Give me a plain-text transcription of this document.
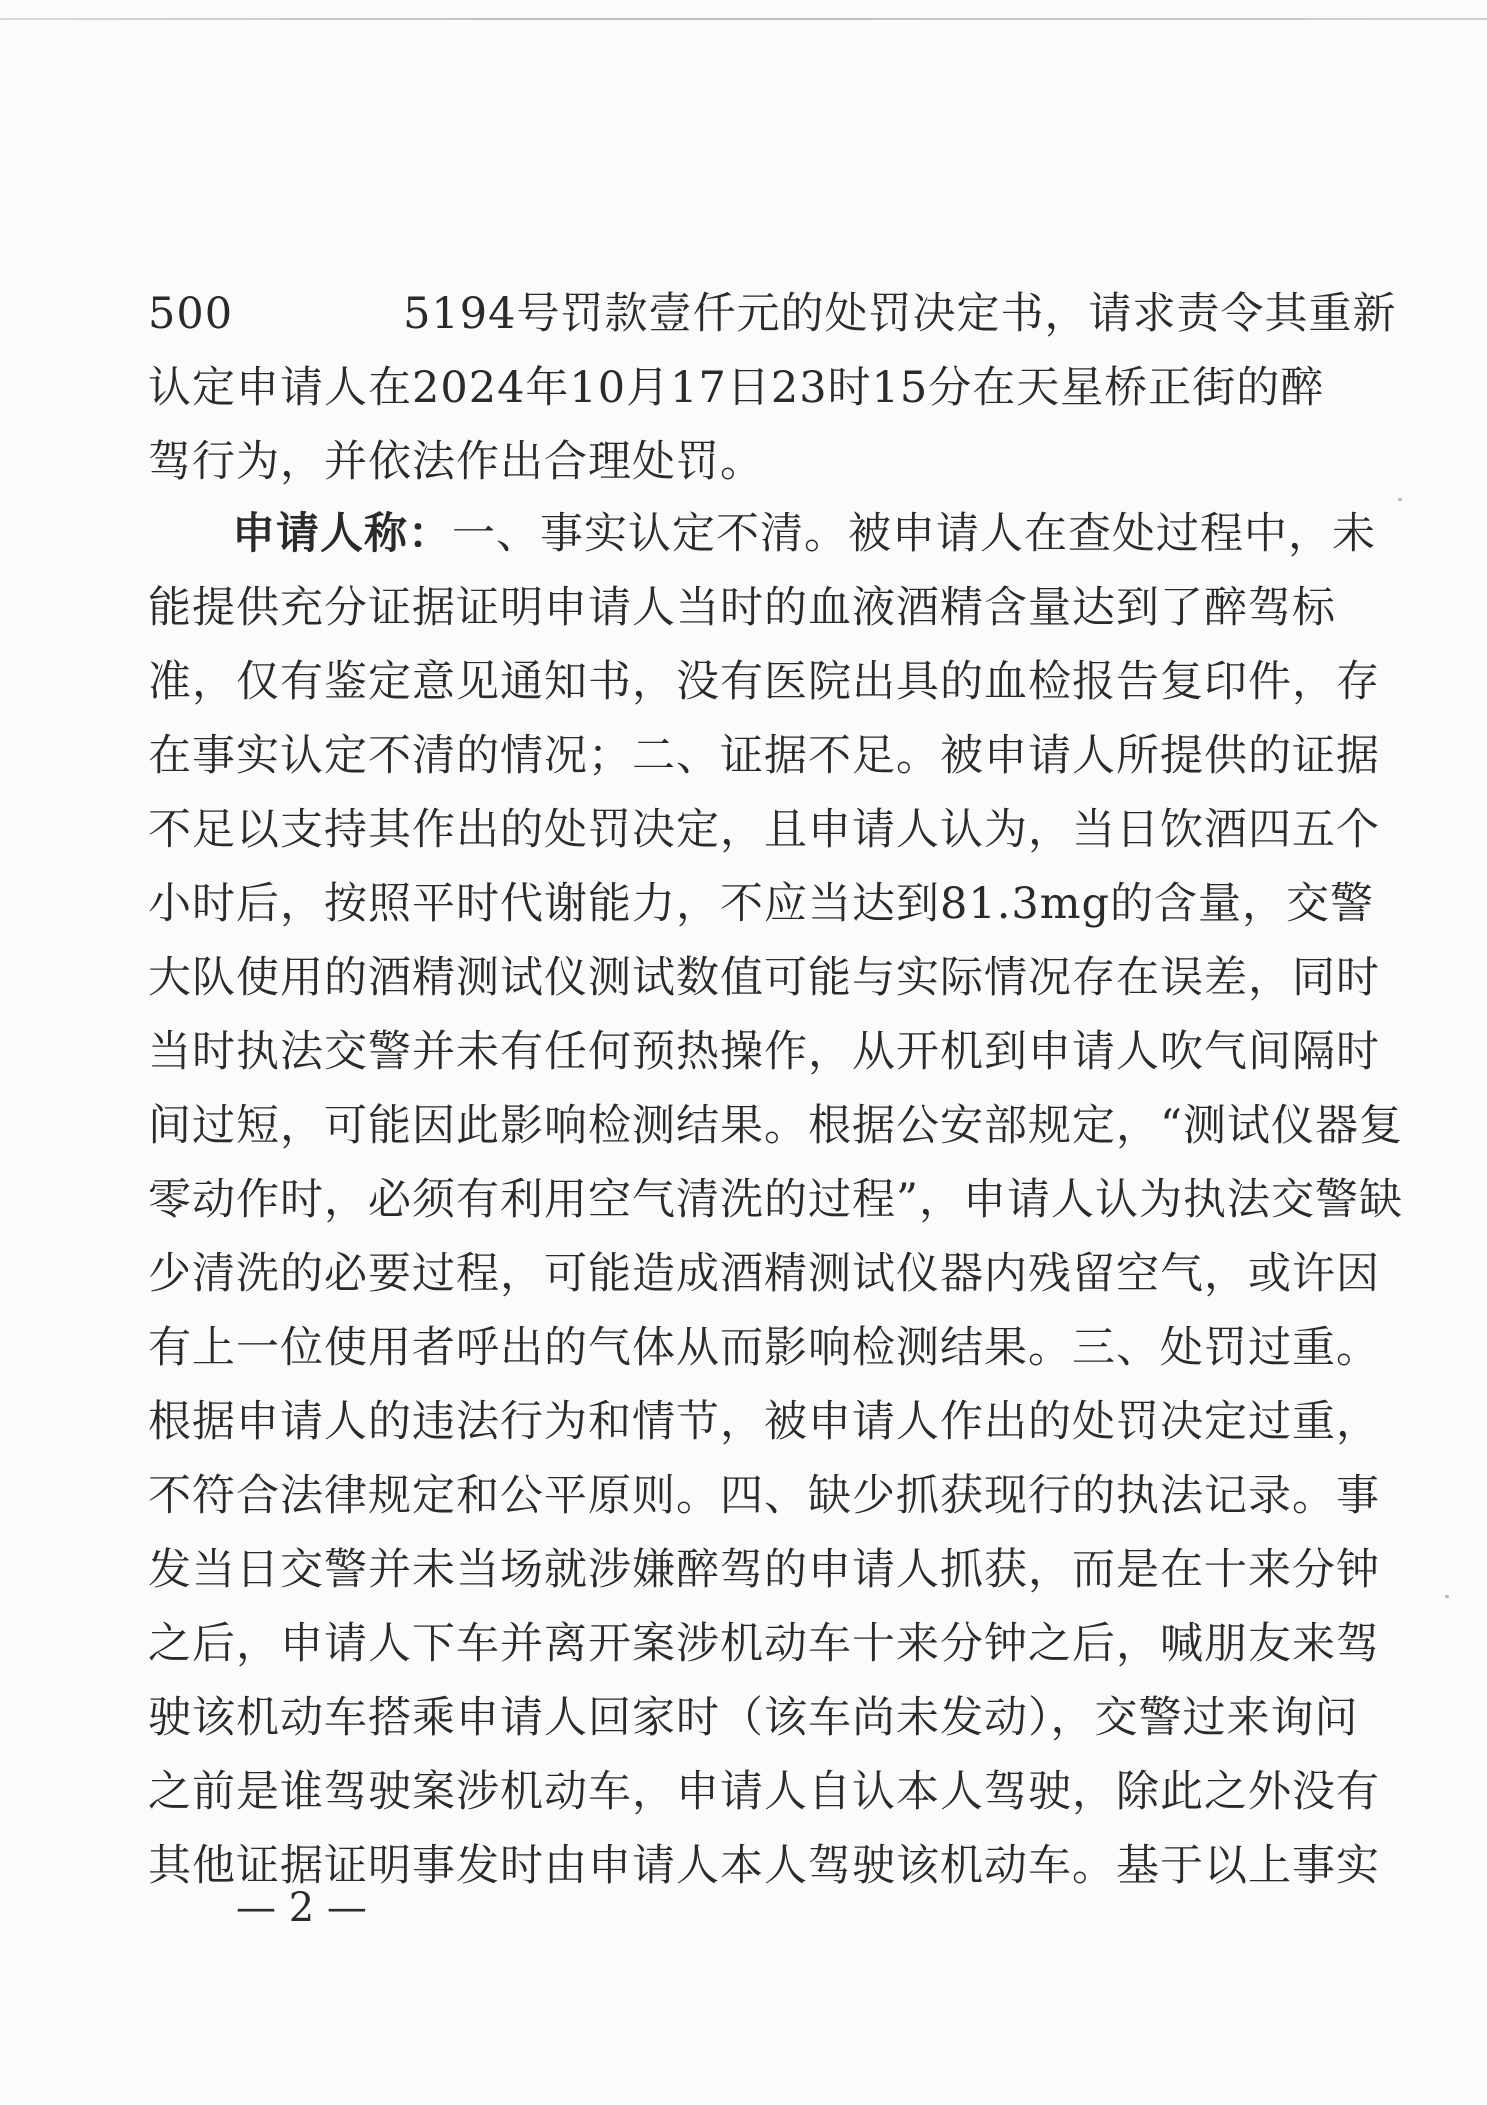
500	5194号罚款壹仟元的处罚决定书，请求责令其重新
认定申请人在2024年10月17日23时15分在天星桥正街的醉
驾行为，并依法作出合理处罚。
申请人称：一、事实认定不清。被申请人在查处过程中，未
能提供充分证据证明申请人当时的血液酒精含量达到了醉驾标
准，仅有鉴定意见通知书，没有医院出具的血检报告复印件，存
在事实认定不清的情况；二、证据不足。被申请人所提供的证据
不足以支持其作出的处罚决定，且申请人认为，当日饮酒四五个
小时后，按照平时代谢能力，不应当达到81.3mg的含量，交警
大队使用的酒精测试仪测试数值可能与实际情况存在误差，同时
当时执法交警并未有任何预热操作，从开机到申请人吹气间隔时
间过短，可能因此影响检测结果。根据公安部规定，“测试仪器复
零动作时，必须有利用空气清洗的过程”，申请人认为执法交警缺
少清洗的必要过程，可能造成酒精测试仪器内残留空气，或许因
有上一位使用者呼出的气体从而影响检测结果。三、处罚过重。
根据申请人的违法行为和情节，被申请人作出的处罚决定过重，
不符合法律规定和公平原则。四、缺少抓获现行的执法记录。事
发当日交警并未当场就涉嫌醉驾的申请人抓获，而是在十来分钟
之后，申请人下车并离开案涉机动车十来分钟之后，喊朋友来驾
驶该机动车搭乘申请人回家时（该车尚未发动），交警过来询问
之前是谁驾驶案涉机动车，申请人自认本人驾驶，除此之外没有
其他证据证明事发时由申请人本人驾驶该机动车。基于以上事实
— 2 —
